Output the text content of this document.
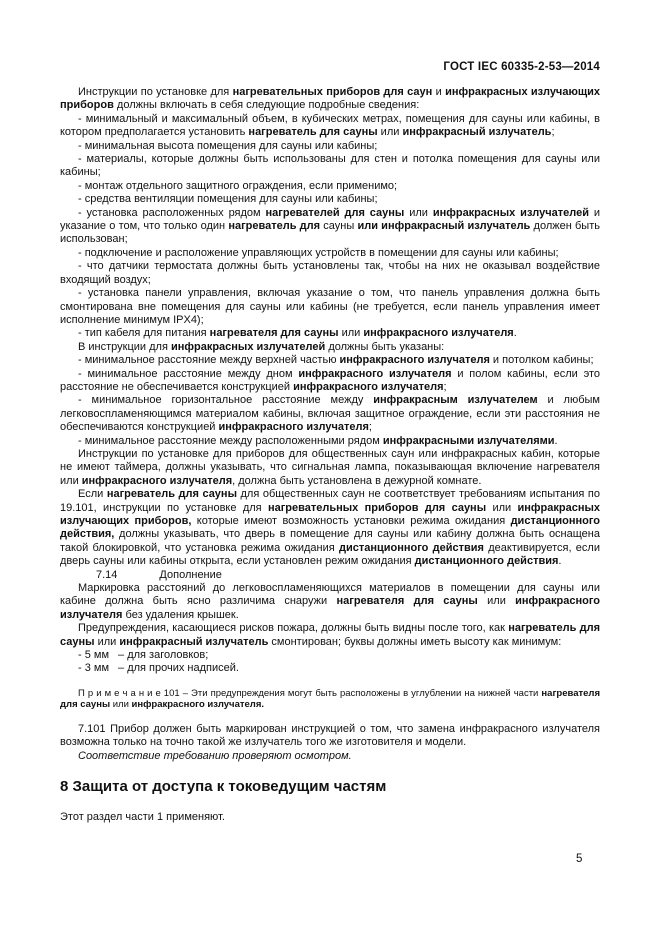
ГОСТ IEC 60335-2-53—2014

Инструкции по установке для нагревательных приборов для саун и инфракрасных излучающих приборов должны включать в себя следующие подробные сведения:

- минимальный и максимальный объем, в кубических метрах, помещения для сауны или кабины, в котором предполагается установить нагреватель для сауны или инфракрасный излучатель;

- минимальная высота помещения для сауны или кабины;

- материалы, которые должны быть использованы для стен и потолка помещения для сауны или кабины;

- монтаж отдельного защитного ограждения, если применимо;

- средства вентиляции помещения для сауны или кабины;

- установка расположенных рядом нагревателей для сауны или инфракрасных излучателей и указание о том, что только один нагреватель для сауны или инфракрасный излучатель должен быть использован;

- подключение и расположение управляющих устройств в помещении для сауны или кабины;

- что датчики термостата должны быть установлены так, чтобы на них не оказывал воздействие входящий воздух;

- установка панели управления, включая указание о том, что панель управления должна быть смонтирована вне помещения для сауны или кабины (не требуется, если панель управления имеет исполнение минимум IPX4);

- тип кабеля для питания нагревателя для сауны или инфракрасного излучателя.

В инструкции для инфракрасных излучателей должны быть указаны:

- минимальное расстояние между верхней частью инфракрасного излучателя и потолком кабины;

- минимальное расстояние между дном инфракрасного излучателя и полом кабины, если это расстояние не обеспечивается конструкцией инфракрасного излучателя;

- минимальное горизонтальное расстояние между инфракрасным излучателем и любым легковоспламеняющимся материалом кабины, включая защитное ограждение, если эти расстояния не обеспечиваются конструкцией инфракрасного излучателя;

- минимальное расстояние между расположенными рядом инфракрасными излучателями.

Инструкции по установке для приборов для общественных саун или инфракрасных кабин, которые не имеют таймера, должны указывать, что сигнальная лампа, показывающая включение нагревателя или инфракрасного излучателя, должна быть установлена в дежурной комнате.

Если нагреватель для сауны для общественных саун не соответствует требованиям испытания по 19.101, инструкции по установке для нагревательных приборов для сауны или инфракрасных излучающих приборов, которые имеют возможность установки режима ожидания дистанционного действия, должны указывать, что дверь в помещение для сауны или кабину должна быть оснащена такой блокировкой, что установка режима ожидания дистанционного действия деактивируется, если дверь сауны или кабины открыта, если установлен режим ожидания дистанционного действия.

7.14	Дополнение

Маркировка расстояний до легковоспламеняющихся материалов в помещении для сауны или кабине должна быть ясно различима снаружи нагревателя для сауны или инфракрасного излучателя без удаления крышек.

Предупреждения, касающиеся рисков пожара, должны быть видны после того, как нагреватель для сауны или инфракрасный излучатель смонтирован; буквы должны иметь высоту как минимум:

- 5 мм – для заголовков;

- 3 мм – для прочих надписей.

П р и м е ч а н и е 101 – Эти предупреждения могут быть расположены в углублении на нижней части нагревателя для сауны или инфракрасного излучателя.

7.101 Прибор должен быть маркирован инструкцией о том, что замена инфракрасного излучателя возможна только на точно такой же излучатель того же изготовителя и модели.

Соответствие требованию проверяют осмотром.

8 Защита от доступа к токоведущим частям

Этот раздел части 1 применяют.

5
